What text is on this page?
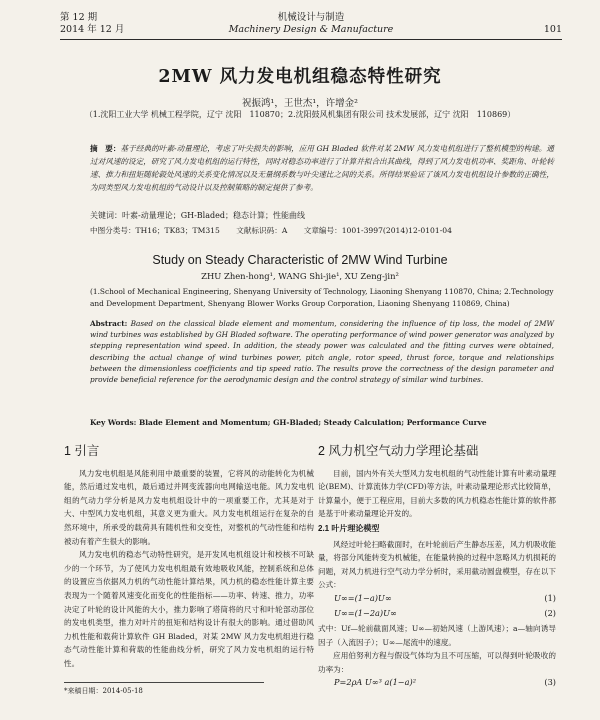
第 12 期
2014 年 12 月
机械设计与制造
Machinery Design & Manufacture	101
2MW 风力发电机组稳态特性研究
祝振鸿¹，王世杰¹，许增金²
（1.沈阳工业大学 机械工程学院，辽宁 沈阳　110870；2.沈阳鼓风机集团有限公司 技术发展部，辽宁 沈阳　110869）
摘　要：基于经典的叶素-动量理论，考虑了叶尖损失的影响，应用 GH Bladed 软件对某 2MW 风力发电机组进行了整机模型的构建。通过对风速的设定，研究了风力发电机组的运行特性，同时对稳态功率进行了计算并拟合出其曲线，得到了风力发电机功率、奖距角、叶轮转速、推力和扭矩随轮毂处风速的关系变化情况以及无量纲系数与叶尖速比之间的关系。所得结果验证了该风力发电机组设计参数的正确性，为同类型风力发电机组的气动设计以及控制策略的制定提供了参考。
关键词：叶素-动量理论；GH-Bladed；稳态计算；性能曲线
中图分类号：TH16；TK83；TM315 文献标识码：A 文章编号：1001-3997(2014)12-0101-04
Study on Steady Characteristic of 2MW Wind Turbine
ZHU Zhen-hong¹, WANG Shi-jie¹, XU Zeng-jin²
(1.School of Mechanical Engineering, Shenyang University of Technology, Liaoning Shenyang 110870, China; 2.Technology and Development Department, Shenyang Blower Works Group Corporation, Liaoning Shenyang 110869, China)
Abstract: Based on the classical blade element and momentum, considering the influence of tip loss, the model of 2MW wind turbines was established by GH Bladed software. The operating performance of wind power generator was analyzed by stepping representation wind speed. In addition, the steady power was calculated and the fitting curves were obtained, describing the actual change of wind turbines power, pitch angle, rotor speed, thrust force, torque and relationships between the dimensionless coefficients and tip speed ratio. The results prove the correctness of the design parameter and provide beneficial reference for the aerodynamic design and the control strategy of similar wind turbines.
Key Words: Blade Element and Momentum; GH-Bladed; Steady Calculation; Performance Curve
1 引言

风力发电机组是风能利用中最重要的装置，它将风的动能转化为机械能，然后通过发电机，最后通过并网变流器向电网输送电能。风力发电机组的气动力学分析是风力发电机组设计中的一项重要工作，尤其是对于大、中型风力发电机组，其意义更为重大。风力发电机组运行在复杂的自然环境中，所承受的载荷具有随机性和交变性，对整机的气动性能和结构被动有着产生很大的影响。

风力发电机的稳态气动特性研究，是开发风电机组设计和校核不可缺少的一个环节，为了使风力发电机组最有效地吸收风能，控制系统和总体的设置应当依据风力机的气动性能计算结果，风力机的稳态性能计算主要表现为一个随着风速变化而变化的性能指标——功率、转速、推力，功率决定了叶轮的设计风能的大小，推力影响了塔筒将的尺寸和叶轮部动部位的发电机类型，推力对叶片的扭矩和结构设计有很大的影响。通过借助风力机性能和载荷计算软件 GH Bladed，对某 2MW 风力发电机组进行稳态气动性能计算和荷载的性能曲线分析，研究了风力发电机组的运行特性。

2 风力机空气动力学理论基础

目前，国内外有关大型风力发电机组的气动性能计算有叶素动量理论(BEM)、计算流体力学(CFD)等方法，叶素动量理论形式比较简单，计算量小，便于工程应用，目前大多数的风力机稳态性能计算的软件都是基于叶素动量理论开发的。

2.1 叶片理论模型

风经过叶轮扫略截面时，在叶轮前后产生静态压差，风力机吸收能量，将部分风能转变为机械能，在能量转换的过程中忽略风力机损耗的问题，对风力机进行空气动力学分析时，采用截动圆盘模型，存在以下公式：

U∞=(1−a)U∞	(1)
U∞=(1−2a)U∞	(2)

式中：Uf—轮前截面风速；U∞—初始风速（上游风速）；a—轴向诱导因子（入流因子）；U∞—尾流中的速度。

应用伯努利方程与假设气体均为且不可压缩，可以得到叶轮吸收的功率为：

P=2ρA U∞³ a(1−a)²	(3)
*来稿日期：2014-05-18
